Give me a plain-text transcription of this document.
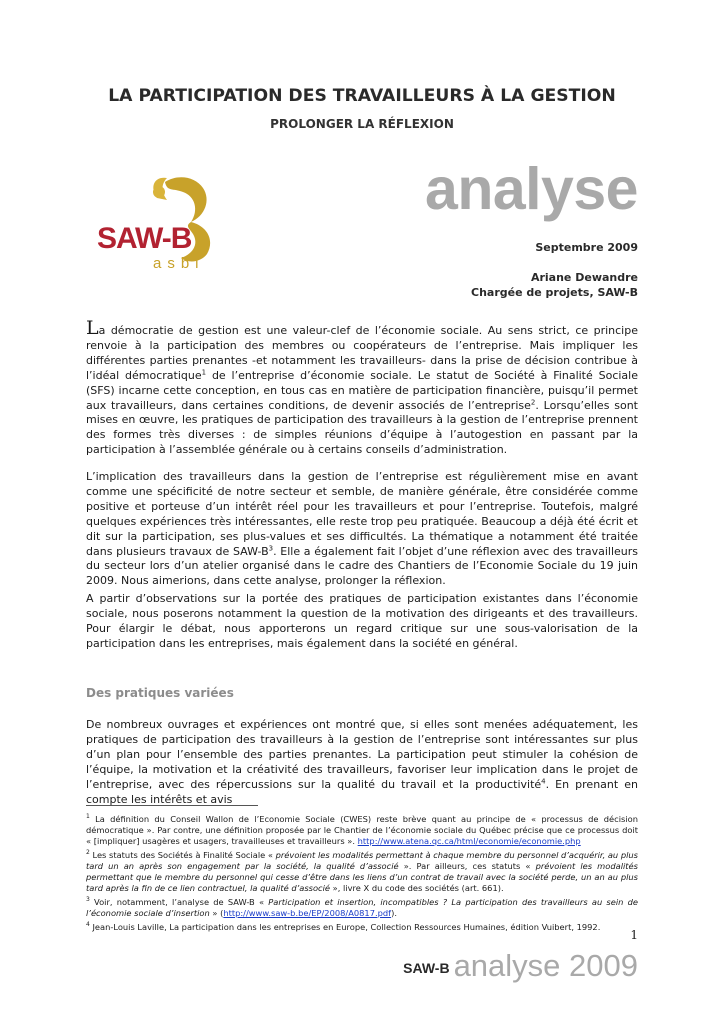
LA PARTICIPATION DES TRAVAILLEURS À LA GESTION
PROLONGER LA RÉFLEXION
SAW-B
asbl
analyse
Septembre 2009
Ariane Dewandre
Chargée de projets, SAW-B
La démocratie de gestion est une valeur-clef de l’économie sociale. Au sens strict, ce principe renvoie à la participation des membres ou coopérateurs de l’entreprise. Mais impliquer les différentes parties prenantes -et notamment les travailleurs- dans la prise de décision contribue à l’idéal démocratique$^1$ de l’entreprise d’économie sociale. Le statut de Société à Finalité Sociale (SFS) incarne cette conception, en tous cas en matière de participation financière, puisqu’il permet aux travailleurs, dans certaines conditions, de devenir associés de l’entreprise$^2$. Lorsqu’elles sont mises en œuvre, les pratiques de participation des travailleurs à la gestion de l’entreprise prennent des formes très diverses : de simples réunions d’équipe à l’autogestion en passant par la participation à l’assemblée générale ou à certains conseils d’administration.
L’implication des travailleurs dans la gestion de l’entreprise est régulièrement mise en avant comme une spécificité de notre secteur et semble, de manière générale, être considérée comme positive et porteuse d’un intérêt réel pour les travailleurs et pour l’entreprise. Toutefois, malgré quelques expériences très intéressantes, elle reste trop peu pratiquée. Beaucoup a déjà été écrit et dit sur la participation, ses plus-values et ses difficultés. La thématique a notamment été traitée dans plusieurs travaux de SAW-$B^3$. Elle a également fait l’objet d’une réflexion avec des travailleurs du secteur lors d’un atelier organisé dans le cadre des Chantiers de l’Economie Sociale du 19 juin 2009. Nous aimerions, dans cette analyse, prolonger la réflexion.
A partir d’observations sur la portée des pratiques de participation existantes dans l’économie sociale, nous poserons notamment la question de la motivation des dirigeants et des travailleurs. Pour élargir le débat, nous apporterons un regard critique sur une sous-valorisation de la participation dans les entreprises, mais également dans la société en général.
Des pratiques variées
De nombreux ouvrages et expériences ont montré que, si elles sont menées adéquatement, les pratiques de participation des travailleurs à la gestion de l’entreprise sont intéressantes sur plus d’un plan pour l’ensemble des parties prenantes. La participation peut stimuler la cohésion de l’équipe, la motivation et la créativité des travailleurs, favoriser leur implication dans le projet de l’entreprise, avec des répercussions sur la qualité du travail et la productivité$^4$. En prenant en compte les intérêts et avis
$^1$ La définition du Conseil Wallon de l’Economie Sociale (CWES) reste brève quant au principe de « processus de décision démocratique ». Par contre, une définition proposée par le Chantier de l’économie sociale du Québec précise que ce processus doit « [impliquer] usagères et usagers, travailleuses et travailleurs ». http://www.atena.qc.ca/html/economie/economie.php
$^2$ Les statuts des Sociétés à Finalité Sociale « prévoient les modalités permettant à chaque membre du personnel d’acquérir, au plus tard un an après son engagement par la société, la qualité d’associé ». Par ailleurs, ces statuts « prévoient les modalités permettant que le membre du personnel qui cesse d’être dans les liens d’un contrat de travail avec la société perde, un an au plus tard après la fin de ce lien contractuel, la qualité d’associé », livre X du code des sociétés (art. 661).
$^3$ Voir, notamment, l’analyse de SAW-B « Participation et insertion, incompatibles ? La participation des travailleurs au sein de l’économie sociale d’insertion » (http://www.saw-b.be/EP/2008/A0817.pdf).
$^4$ Jean-Louis Laville, La participation dans les entreprises en Europe, Collection Ressources Humaines, édition Vuibert, 1992.
1
SAW-B analyse 2009
